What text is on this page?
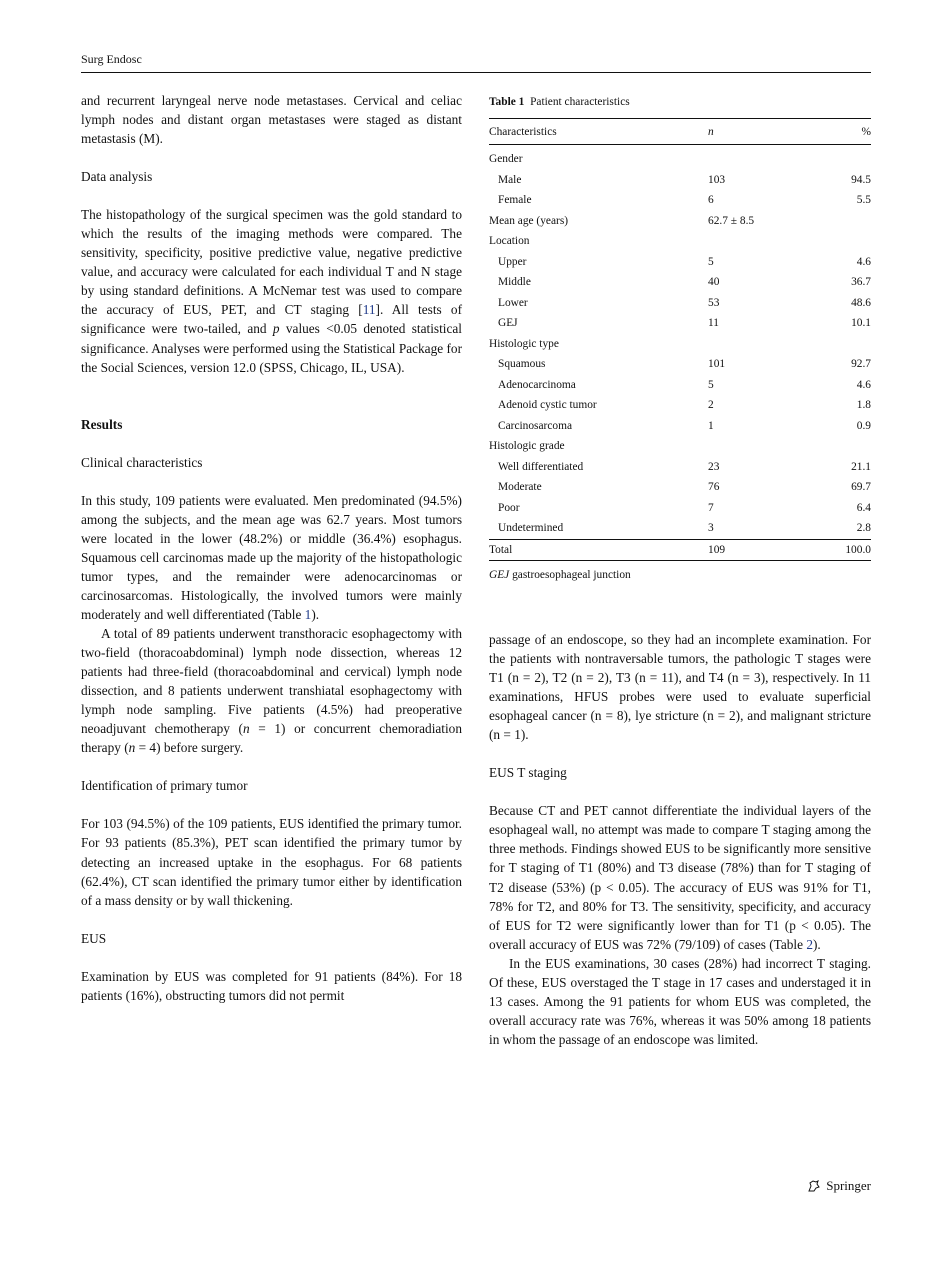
Surg Endosc

and recurrent laryngeal nerve node metastases. Cervical and celiac lymph nodes and distant organ metastases were staged as distant metastasis (M).

Data analysis

The histopathology of the surgical specimen was the gold standard to which the results of the imaging methods were compared. The sensitivity, specificity, positive predictive value, negative predictive value, and accuracy were calculated for each individual T and N stage by using standard definitions. A McNemar test was used to compare the accuracy of EUS, PET, and CT staging [11]. All tests of significance were two-tailed, and p values <0.05 denoted statistical significance. Analyses were performed using the Statistical Package for the Social Sciences, version 12.0 (SPSS, Chicago, IL, USA).

Results

Clinical characteristics

In this study, 109 patients were evaluated. Men predominated (94.5%) among the subjects, and the mean age was 62.7 years. Most tumors were located in the lower (48.2%) or middle (36.4%) esophagus. Squamous cell carcinomas made up the majority of the histopathologic tumor types, and the remainder were adenocarcinomas or carcinosarcomas. Histologically, the involved tumors were mainly moderately and well differentiated (Table 1).

A total of 89 patients underwent transthoracic esophagectomy with two-field (thoracoabdominal) lymph node dissection, whereas 12 patients had three-field (thoracoabdominal and cervical) lymph node dissection, and 8 patients underwent transhiatal esophagectomy with lymph node sampling. Five patients (4.5%) had preoperative neoadjuvant chemotherapy (n = 1) or concurrent chemoradiation therapy (n = 4) before surgery.

Identification of primary tumor

For 103 (94.5%) of the 109 patients, EUS identified the primary tumor. For 93 patients (85.3%), PET scan identified the primary tumor by detecting an increased uptake in the esophagus. For 68 patients (62.4%), CT scan identified the primary tumor either by identification of a mass density or by wall thickening.

EUS

Examination by EUS was completed for 91 patients (84%). For 18 patients (16%), obstructing tumors did not permit

Table 1 Patient characteristics
Characteristics	n	%
Gender		
Male	103	94.5
Female	6	5.5
Mean age (years)	62.7 ± 8.5	
Location		
Upper	5	4.6
Middle	40	36.7
Lower	53	48.6
GEJ	11	10.1
Histologic type		
Squamous	101	92.7
Adenocarcinoma	5	4.6
Adenoid cystic tumor	2	1.8
Carcinosarcoma	1	0.9
Histologic grade		
Well differentiated	23	21.1
Moderate	76	69.7
Poor	7	6.4
Undetermined	3	2.8
Total	109	100.0
GEJ gastroesophageal junction

passage of an endoscope, so they had an incomplete examination. For the patients with nontraversable tumors, the pathologic T stages were T1 (n = 2), T2 (n = 2), T3 (n = 11), and T4 (n = 3), respectively. In 11 examinations, HFUS probes were used to evaluate superficial esophageal cancer (n = 8), lye stricture (n = 2), and malignant stricture (n = 1).

EUS T staging

Because CT and PET cannot differentiate the individual layers of the esophageal wall, no attempt was made to compare T staging among the three methods. Findings showed EUS to be significantly more sensitive for T staging of T1 (80%) and T3 disease (78%) than for T staging of T2 disease (53%) (p < 0.05). The accuracy of EUS was 91% for T1, 78% for T2, and 80% for T3. The sensitivity, specificity, and accuracy of EUS for T2 were significantly lower than for T1 (p < 0.05). The overall accuracy of EUS was 72% (79/109) of cases (Table 2).

In the EUS examinations, 30 cases (28%) had incorrect T staging. Of these, EUS overstaged the T stage in 17 cases and understaged it in 13 cases. Among the 91 patients for whom EUS was completed, the overall accuracy rate was 76%, whereas it was 50% among 18 patients in whom the passage of an endoscope was limited.

Springer
